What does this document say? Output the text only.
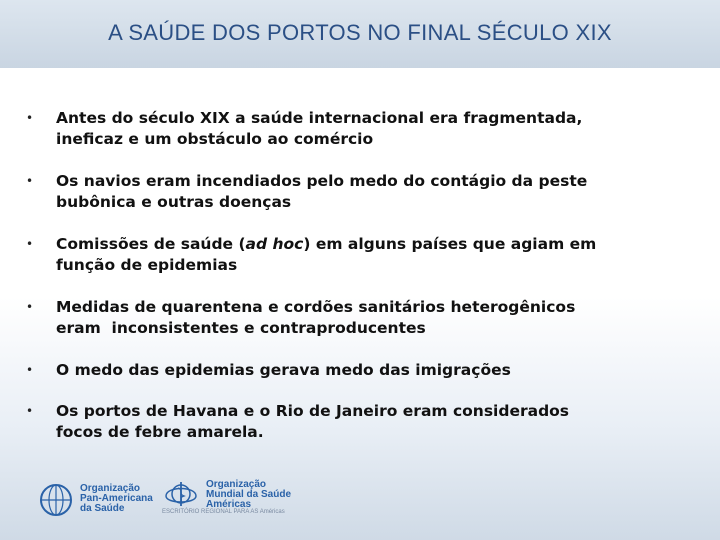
A SAÚDE DOS PORTOS NO FINAL SÉCULO XIX
• Antes do século XIX a saúde internacional era fragmentada,
ineficaz e um obstáculo ao comércio
• Os navios eram incendiados pelo medo do contágio da peste
bubônica e outras doenças
• Comissões de saúde (ad hoc) em alguns países que agiam em
função de epidemias
• Medidas de quarentena e cordões sanitários heterogênicos
eram  inconsistentes e contraproducentes
• O medo das epidemias gerava medo das imigrações
• Os portos de Havana e o Rio de Janeiro eram considerados
focos de febre amarela.
Organização
Pan-Americana
da Saúde
Organização
Mundial da Saúde
Américas
ESCRITÓRIO REGIONAL PARA AS Américas
